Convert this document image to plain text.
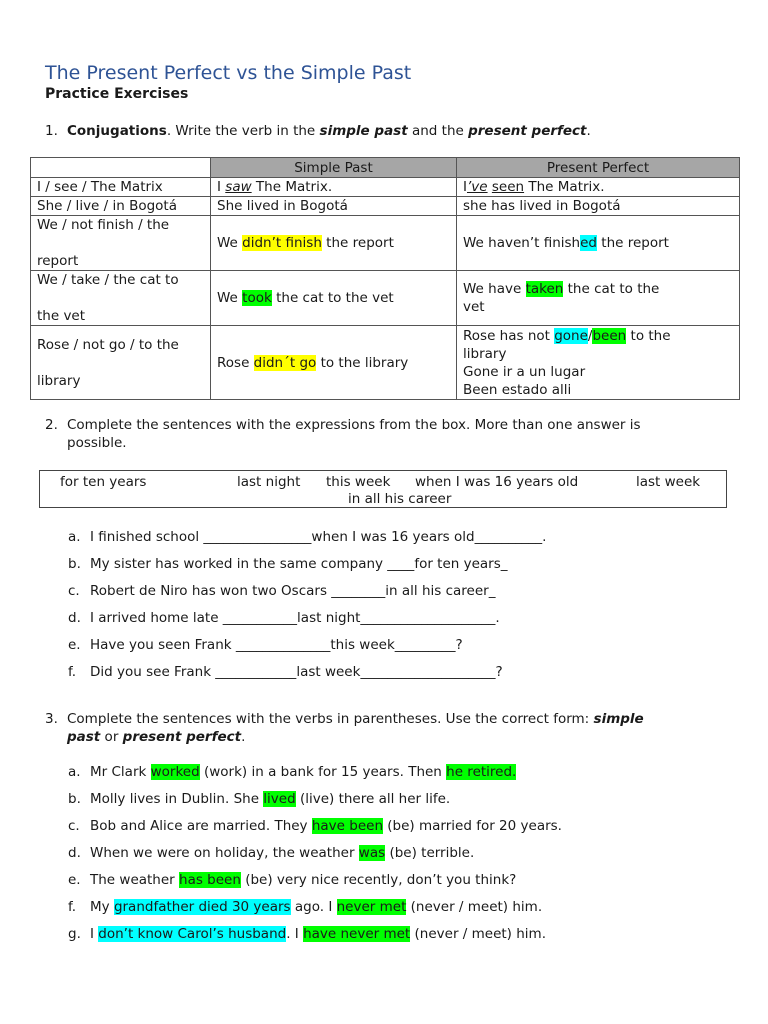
The Present Perfect vs the Simple Past
Practice Exercises
1. Conjugations. Write the verb in the simple past and the present perfect.
	Simple Past	Present Perfect
I / see / The Matrix	I saw The Matrix.	I’ve seen The Matrix.
She / live / in Bogotá	She lived in Bogotá	she has lived in Bogotá

We / not finish / the
report	We didn’t finish the report	We haven’t finished the report

We / take / the cat to
the vet	We took the cat to the vet	We have taken the cat to the
vet

Rose / not go / to the
library	Rose didn´t go to the library	Rose has not gone/been to the
library
Gone ir a un lugar
Been estado alli
2. Complete the sentences with the expressions from the box. More than one answer is
possible.
for ten years	last night this week when I was 16 years old	last week
in all his career
a. I finished school ________________when I was 16 years old__________.
b. My sister has worked in the same company ____for ten years_
c. Robert de Niro has won two Oscars ________in all his career_
d. I arrived home late ___________last night____________________.
e. Have you seen Frank ______________this week_________?
f. Did you see Frank ____________last week____________________?
3. Complete the sentences with the verbs in parentheses. Use the correct form: simple
past or present perfect.
a. Mr Clark worked (work) in a bank for 15 years. Then he retired.
b. Molly lives in Dublin. She lived (live) there all her life.
c. Bob and Alice are married. They have been (be) married for 20 years.
d. When we were on holiday, the weather was (be) terrible.
e. The weather has been (be) very nice recently, don’t you think?
f. My grandfather died 30 years ago. I never met (never / meet) him.
g. I don’t know Carol’s husband. I have never met (never / meet) him.
